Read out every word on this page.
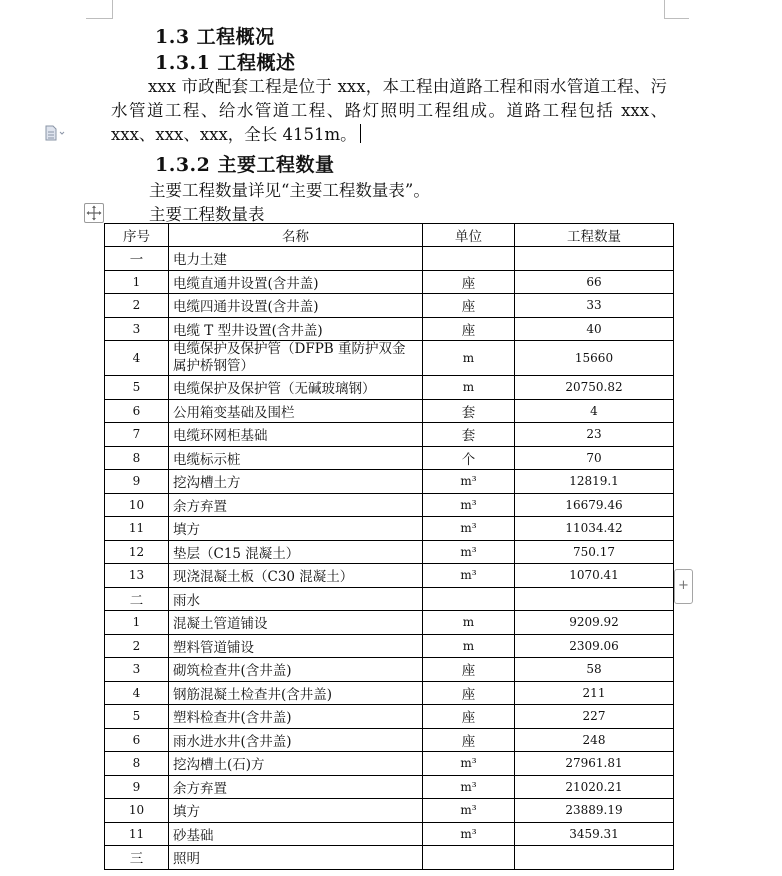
1.3 工程概况
1.3.1 工程概述
xxx 市政配套工程是位于 xxx，本工程由道路工程和雨水管道工程、污水管道工程、给水管道工程、路灯照明工程组成。道路工程包括 xxx、xxx、xxx、xxx，全长 4151m。
1.3.2 主要工程数量
主要工程数量详见“主要工程数量表”。
主要工程数量表
序号	名称	单位	工程数量
一	电力土建		
1	电缆直通井设置(含井盖)	座	66
2	电缆四通井设置(含井盖)	座	33
3	电缆 T 型井设置(含井盖)	座	40
4	电缆保护及保护管（DFPB 重防护双金属护桥钢管）	m	15660
5	电缆保护及保护管（无碱玻璃钢）	m	20750.82
6	公用箱变基础及围栏	套	4
7	电缆环网柜基础	套	23
8	电缆标示桩	个	70
9	挖沟槽土方	m³	12819.1
10	余方弃置	m³	16679.46
11	填方	m³	11034.42
12	垫层（C15 混凝土）	m³	750.17
13	现浇混凝土板（C30 混凝土）	m³	1070.41
二	雨水		
1	混凝土管道铺设	m	9209.92
2	塑料管道铺设	m	2309.06
3	砌筑检查井(含井盖)	座	58
4	钢筋混凝土检查井(含井盖)	座	211
5	塑料检查井(含井盖)	座	227
6	雨水进水井(含井盖)	座	248
8	挖沟槽土(石)方	m³	27961.81
9	余方弃置	m³	21020.21
10	填方	m³	23889.19
11	砂基础	m³	3459.31
三	照明		
+
